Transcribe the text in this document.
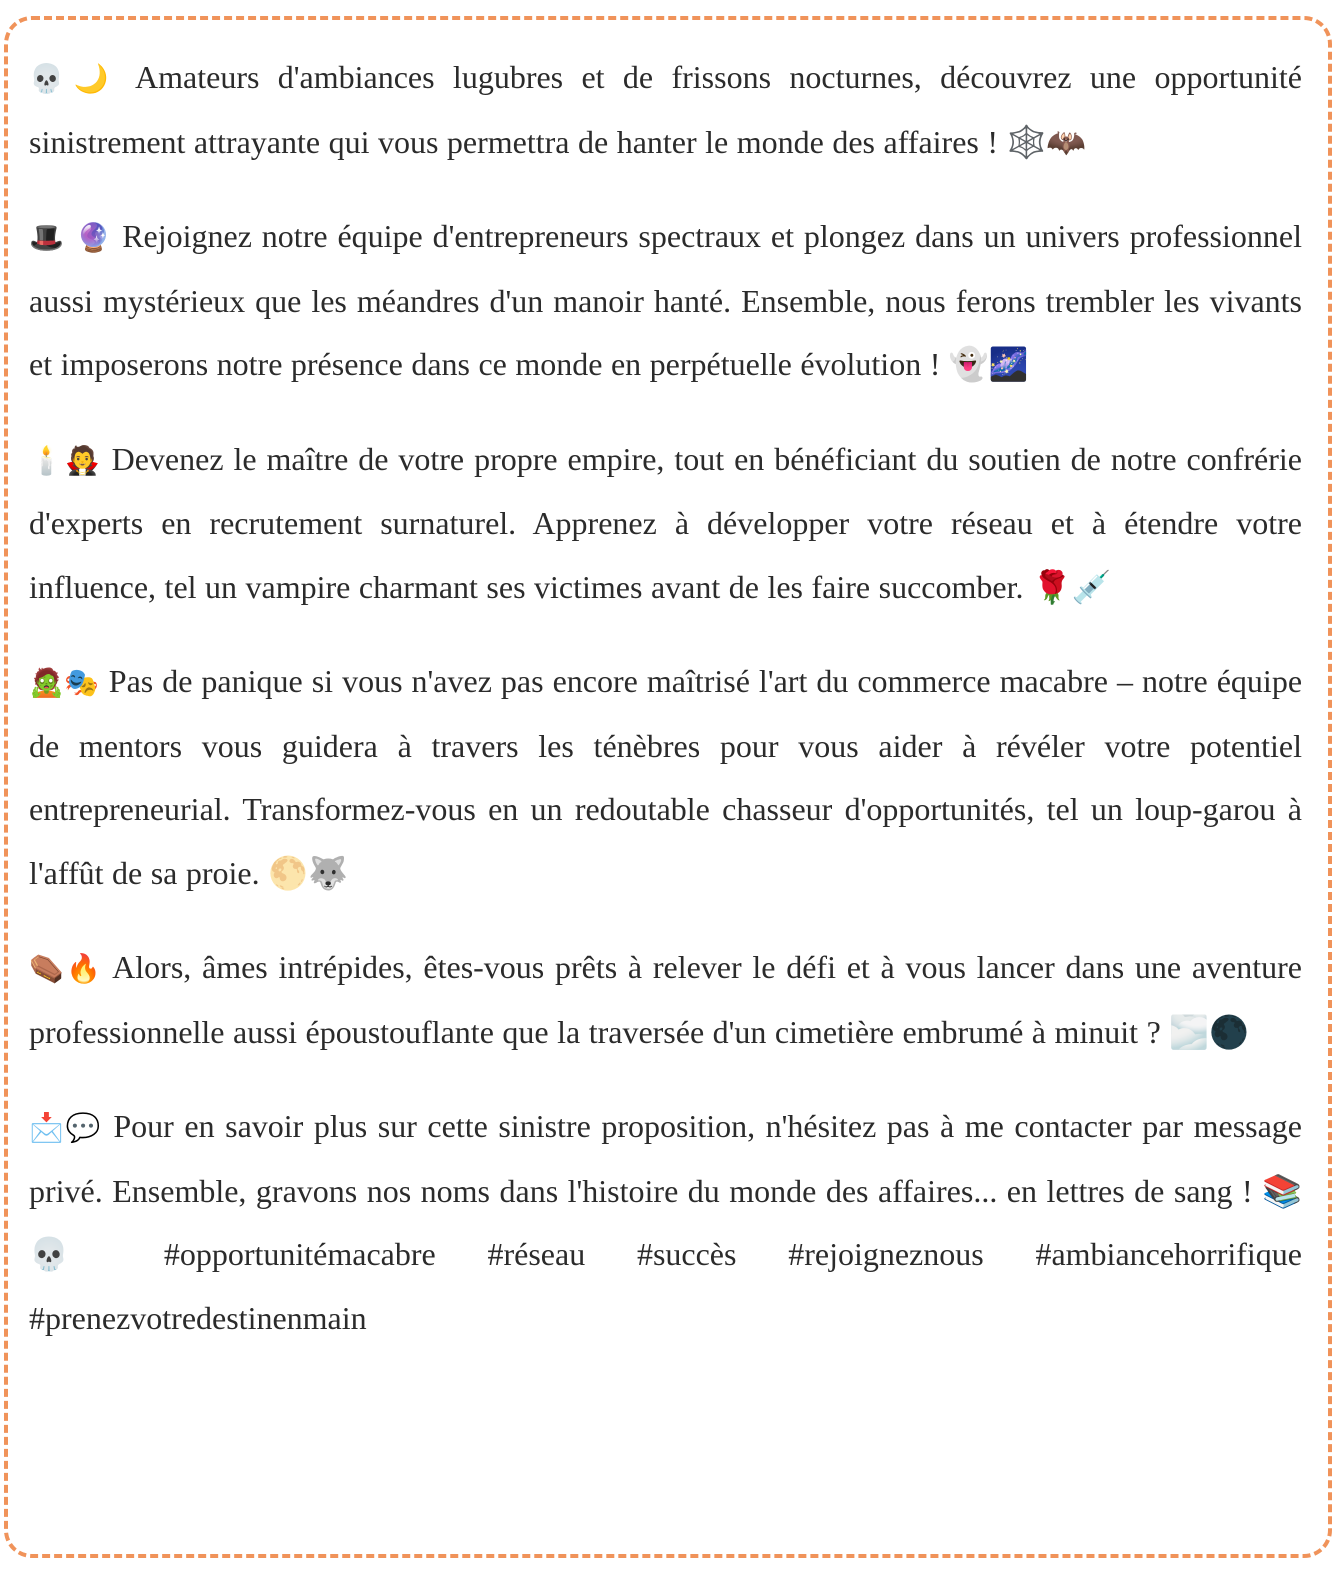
💀🌙 Amateurs d'ambiances lugubres et de frissons nocturnes, découvrez une opportunité sinistrement attrayante qui vous permettra de hanter le monde des affaires ! 🕸️🦇

🎩 🔮 Rejoignez notre équipe d'entrepreneurs spectraux et plongez dans un univers professionnel aussi mystérieux que les méandres d'un manoir hanté. Ensemble, nous ferons trembler les vivants et imposerons notre présence dans ce monde en perpétuelle évolution ! 👻🌌

🕯️🧛 Devenez le maître de votre propre empire, tout en bénéficiant du soutien de notre confrérie d'experts en recrutement surnaturel. Apprenez à développer votre réseau et à étendre votre influence, tel un vampire charmant ses victimes avant de les faire succomber. 🌹💉

🧟🎭 Pas de panique si vous n'avez pas encore maîtrisé l'art du commerce macabre – notre équipe de mentors vous guidera à travers les ténèbres pour vous aider à révéler votre potentiel entrepreneurial. Transformez-vous en un redoutable chasseur d'opportunités, tel un loup-garou à l'affût de sa proie. 🌕🐺

⚰️🔥 Alors, âmes intrépides, êtes-vous prêts à relever le défi et à vous lancer dans une aventure professionnelle aussi époustouflante que la traversée d'un cimetière embrumé à minuit ? 🌫️🌑

📩💬 Pour en savoir plus sur cette sinistre proposition, n'hésitez pas à me contacter par message privé. Ensemble, gravons nos noms dans l'histoire du monde des affaires... en lettres de sang ! 📚 💀 #opportunitémacabre #réseau #succès #rejoigneznous #ambiancehorrifique #prenezvotredestinenmain
